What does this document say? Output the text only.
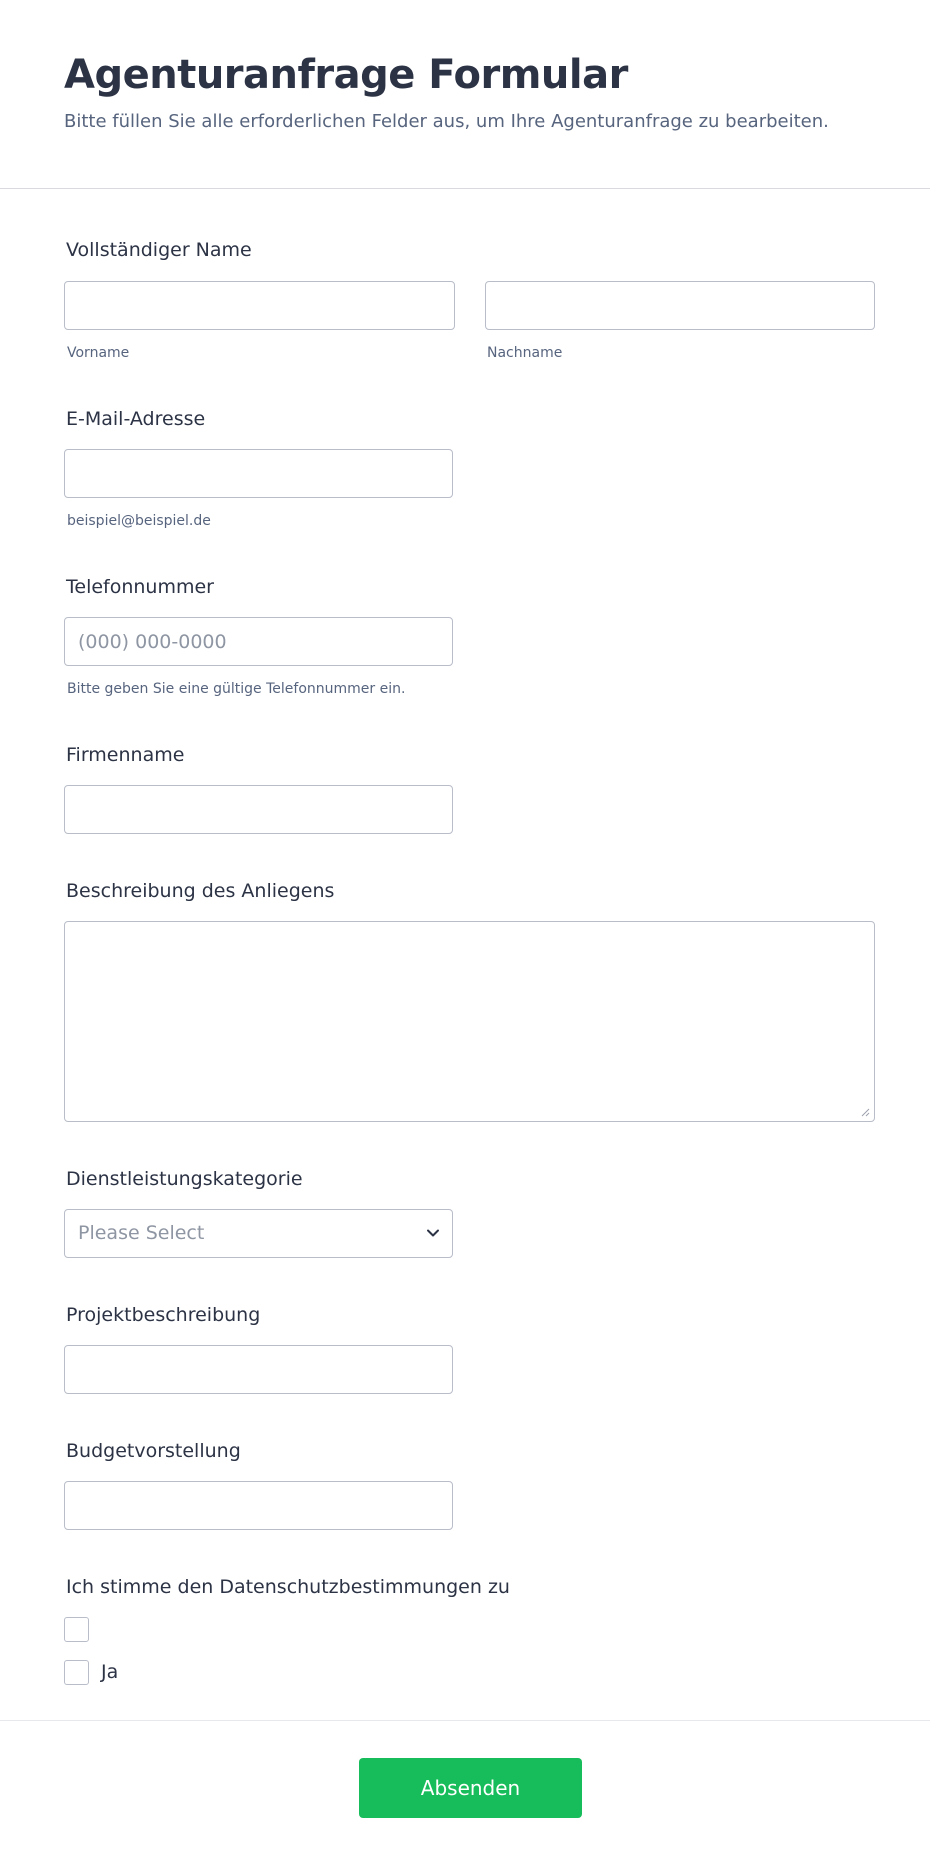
Agenturanfrage Formular
Bitte füllen Sie alle erforderlichen Felder aus, um Ihre Agenturanfrage zu bearbeiten.
Vollständiger Name
Vorname	Nachname
E-Mail-Adresse
beispiel@beispiel.de
Telefonnummer
(000) 000-0000
Bitte geben Sie eine gültige Telefonnummer ein.
Firmenname
Beschreibung des Anliegens
Dienstleistungskategorie
Please Select
Projektbeschreibung
Budgetvorstellung
Ich stimme den Datenschutzbestimmungen zu
Ja
Absenden
